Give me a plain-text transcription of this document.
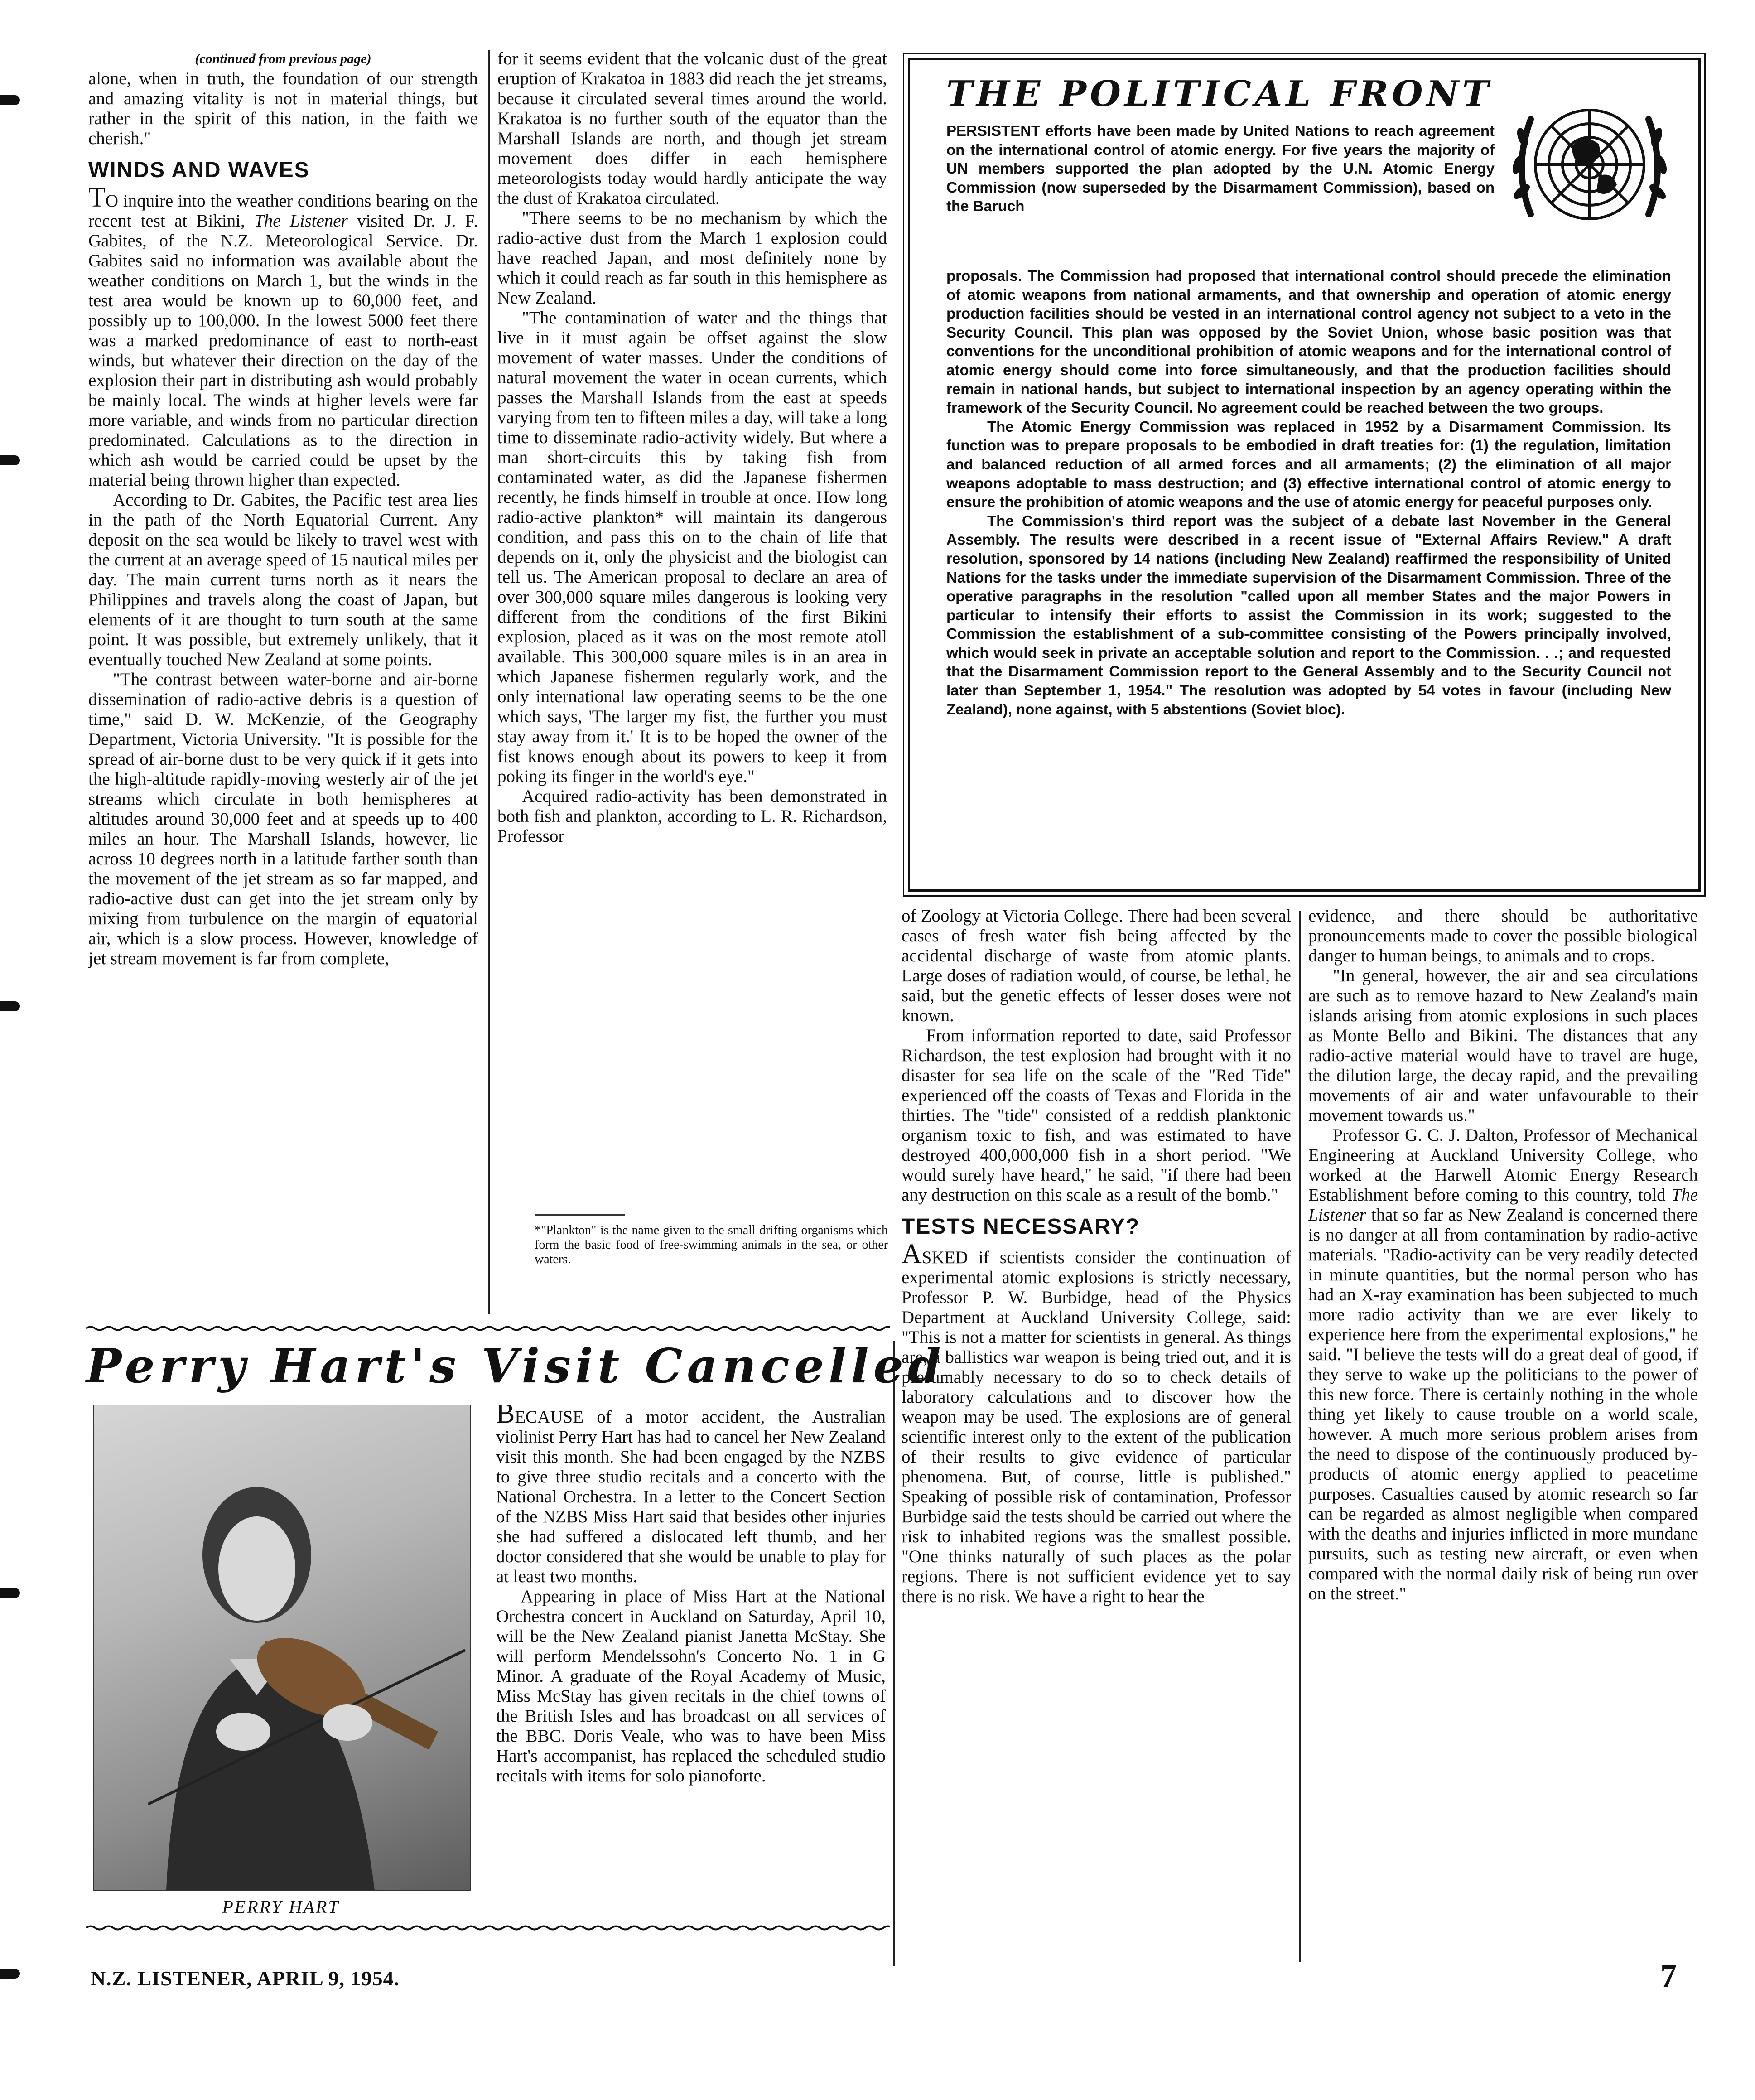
(continued from previous page)

alone, when in truth, the foundation of our strength and amazing vitality is not in material things, but rather in the spirit of this nation, in the faith we cherish."

WINDS AND WAVES

TO inquire into the weather conditions bearing on the recent test at Bikini, The Listener visited Dr. J. F. Gabites, of the N.Z. Meteorological Service. Dr. Gabites said no information was available about the weather conditions on March 1, but the winds in the test area would be known up to 60,000 feet, and possibly up to 100,000. In the lowest 5000 feet there was a marked predominance of east to north-east winds, but whatever their direction on the day of the explosion their part in distributing ash would probably be mainly local. The winds at higher levels were far more variable, and winds from no particular direction predominated. Calculations as to the direction in which ash would be carried could be upset by the material being thrown higher than expected.

According to Dr. Gabites, the Pacific test area lies in the path of the North Equatorial Current. Any deposit on the sea would be likely to travel west with the current at an average speed of 15 nautical miles per day. The main current turns north as it nears the Philippines and travels along the coast of Japan, but elements of it are thought to turn south at the same point. It was possible, but extremely unlikely, that it eventually touched New Zealand at some points.

"The contrast between water-borne and air-borne dissemination of radio-active debris is a question of time," said D. W. McKenzie, of the Geography Department, Victoria University. "It is possible for the spread of air-borne dust to be very quick if it gets into the high-altitude rapidly-moving westerly air of the jet streams which circulate in both hemispheres at altitudes around 30,000 feet and at speeds up to 400 miles an hour. The Marshall Islands, however, lie across 10 degrees north in a latitude farther south than the movement of the jet stream as so far mapped, and radio-active dust can get into the jet stream only by mixing from turbulence on the margin of equatorial air, which is a slow process. However, knowledge of jet stream movement is far from complete,

for it seems evident that the volcanic dust of the great eruption of Krakatoa in 1883 did reach the jet streams, because it circulated several times around the world. Krakatoa is no further south of the equator than the Marshall Islands are north, and though jet stream movement does differ in each hemisphere meteorologists today would hardly anticipate the way the dust of Krakatoa circulated.

"There seems to be no mechanism by which the radio-active dust from the March 1 explosion could have reached Japan, and most definitely none by which it could reach as far south in this hemisphere as New Zealand.

"The contamination of water and the things that live in it must again be offset against the slow movement of water masses. Under the conditions of natural movement the water in ocean currents, which passes the Marshall Islands from the east at speeds varying from ten to fifteen miles a day, will take a long time to disseminate radio-activity widely. But where a man short-circuits this by taking fish from contaminated water, as did the Japanese fishermen recently, he finds himself in trouble at once. How long radio-active plankton* will maintain its dangerous condition, and pass this on to the chain of life that depends on it, only the physicist and the biologist can tell us. The American proposal to declare an area of over 300,000 square miles dangerous is looking very different from the conditions of the first Bikini explosion, placed as it was on the most remote atoll available. This 300,000 square miles is in an area in which Japanese fishermen regularly work, and the only international law operating seems to be the one which says, 'The larger my fist, the further you must stay away from it.' It is to be hoped the owner of the fist knows enough about its powers to keep it from poking its finger in the world's eye."

Acquired radio-activity has been demonstrated in both fish and plankton, according to L. R. Richardson, Professor

*"Plankton" is the name given to the small drifting organisms which form the basic food of free-swimming animals in the sea, or other waters.
THE POLITICAL FRONT

PERSISTENT efforts have been made by United Nations to reach agreement on the international control of atomic energy. For five years the majority of UN members supported the plan adopted by the U.N. Atomic Energy Commission (now superseded by the Disarmament Commission), based on the Baruch

proposals. The Commission had proposed that international control should precede the elimination of atomic weapons from national armaments, and that ownership and operation of atomic energy production facilities should be vested in an international control agency not subject to a veto in the Security Council. This plan was opposed by the Soviet Union, whose basic position was that conventions for the unconditional prohibition of atomic weapons and for the international control of atomic energy should come into force simultaneously, and that the production facilities should remain in national hands, but subject to international inspection by an agency operating within the framework of the Security Council. No agreement could be reached between the two groups.

The Atomic Energy Commission was replaced in 1952 by a Disarmament Commission. Its function was to prepare proposals to be embodied in draft treaties for: (1) the regulation, limitation and balanced reduction of all armed forces and all armaments; (2) the elimination of all major weapons adoptable to mass destruction; and (3) effective international control of atomic energy to ensure the prohibition of atomic weapons and the use of atomic energy for peaceful purposes only.

The Commission's third report was the subject of a debate last November in the General Assembly. The results were described in a recent issue of "External Affairs Review." A draft resolution, sponsored by 14 nations (including New Zealand) reaffirmed the responsibility of United Nations for the tasks under the immediate supervision of the Disarmament Commission. Three of the operative paragraphs in the resolution "called upon all member States and the major Powers in particular to intensify their efforts to assist the Commission in its work; suggested to the Commission the establishment of a sub-committee consisting of the Powers principally involved, which would seek in private an acceptable solution and report to the Commission. . .; and requested that the Disarmament Commission report to the General Assembly and to the Security Council not later than September 1, 1954." The resolution was adopted by 54 votes in favour (including New Zealand), none against, with 5 abstentions (Soviet bloc).

of Zoology at Victoria College. There had been several cases of fresh water fish being affected by the accidental discharge of waste from atomic plants. Large doses of radiation would, of course, be lethal, he said, but the genetic effects of lesser doses were not known.

From information reported to date, said Professor Richardson, the test explosion had brought with it no disaster for sea life on the scale of the "Red Tide" experienced off the coasts of Texas and Florida in the thirties. The "tide" consisted of a reddish planktonic organism toxic to fish, and was estimated to have destroyed 400,000,000 fish in a short period. "We would surely have heard," he said, "if there had been any destruction on this scale as a result of the bomb."

TESTS NECESSARY?

ASKED if scientists consider the continuation of experimental atomic explosions is strictly necessary, Professor P. W. Burbidge, head of the Physics Department at Auckland University College, said: "This is not a matter for scientists in general. As things are, a ballistics war weapon is being tried out, and it is presumably necessary to do so to check details of laboratory calculations and to discover how the weapon may be used. The explosions are of general scientific interest only to the extent of the publication of their results to give evidence of particular phenomena. But, of course, little is published." Speaking of possible risk of contamination, Professor Burbidge said the tests should be carried out where the risk to inhabited regions was the smallest possible. "One thinks naturally of such places as the polar regions. There is not sufficient evidence yet to say there is no risk. We have a right to hear the

evidence, and there should be authoritative pronouncements made to cover the possible biological danger to human beings, to animals and to crops.

"In general, however, the air and sea circulations are such as to remove hazard to New Zealand's main islands arising from atomic explosions in such places as Monte Bello and Bikini. The distances that any radio-active material would have to travel are huge, the dilution large, the decay rapid, and the prevailing movements of air and water unfavourable to their movement towards us."

Professor G. C. J. Dalton, Professor of Mechanical Engineering at Auckland University College, who worked at the Harwell Atomic Energy Research Establishment before coming to this country, told The Listener that so far as New Zealand is concerned there is no danger at all from contamination by radio-active materials. "Radio-activity can be very readily detected in minute quantities, but the normal person who has had an X-ray examination has been subjected to much more radio activity than we are ever likely to experience here from the experimental explosions," he said. "I believe the tests will do a great deal of good, if they serve to wake up the politicians to the power of this new force. There is certainly nothing in the whole thing yet likely to cause trouble on a world scale, however. A much more serious problem arises from the need to dispose of the continuously produced by-products of atomic energy applied to peacetime purposes. Casualties caused by atomic research so far can be regarded as almost negligible when compared with the deaths and injuries inflicted in more mundane pursuits, such as testing new aircraft, or even when compared with the normal daily risk of being run over on the street."

Perry Hart's Visit Cancelled
PERRY HART

BECAUSE of a motor accident, the Australian violinist Perry Hart has had to cancel her New Zealand visit this month. She had been engaged by the NZBS to give three studio recitals and a concerto with the National Orchestra. In a letter to the Concert Section of the NZBS Miss Hart said that besides other injuries she had suffered a dislocated left thumb, and her doctor considered that she would be unable to play for at least two months.

Appearing in place of Miss Hart at the National Orchestra concert in Auckland on Saturday, April 10, will be the New Zealand pianist Janetta McStay. She will perform Mendelssohn's Concerto No. 1 in G Minor. A graduate of the Royal Academy of Music, Miss McStay has given recitals in the chief towns of the British Isles and has broadcast on all services of the BBC. Doris Veale, who was to have been Miss Hart's accompanist, has replaced the scheduled studio recitals with items for solo pianoforte.

N.Z. LISTENER, APRIL 9, 1954.	7
